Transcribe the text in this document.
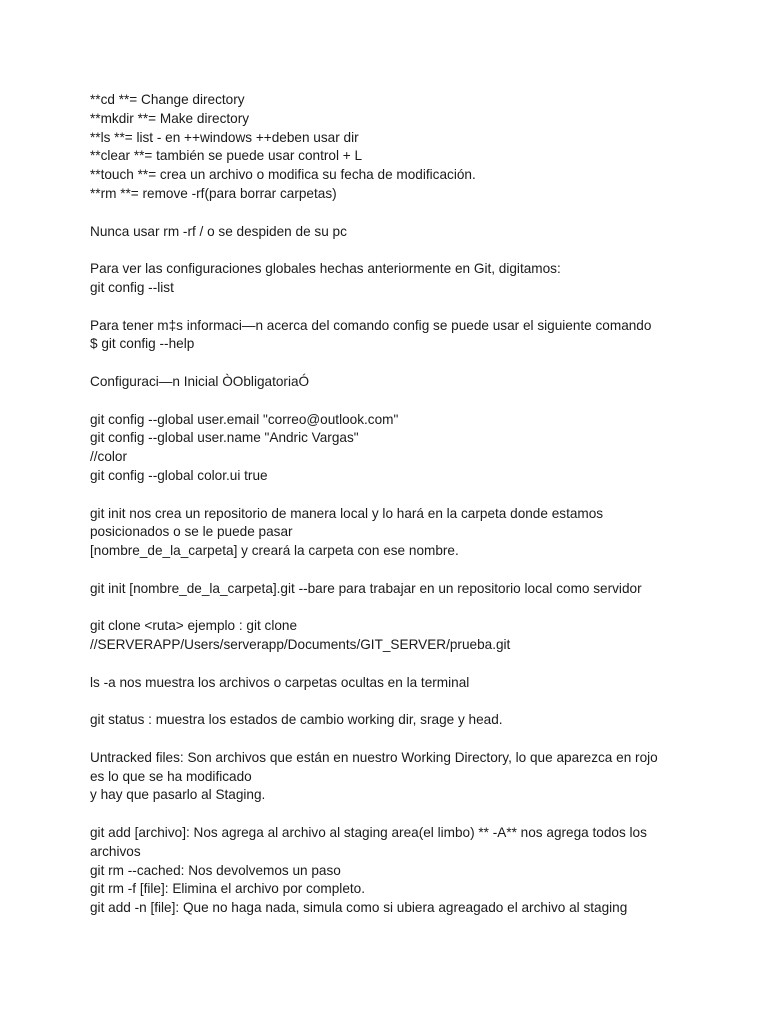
**cd **= Change directory
**mkdir **= Make directory
**ls **= list - en ++windows ++deben usar dir
**clear **= también se puede usar control + L
**touch **= crea un archivo o modifica su fecha de modificación.
**rm **= remove -rf(para borrar carpetas)
Nunca usar rm -rf / o se despiden de su pc
Para ver las configuraciones globales hechas anteriormente en Git, digitamos:
git config --list
Para tener m‡s informaci—n acerca del comando config se puede usar el siguiente comando
$ git config --help
Configuraci—n Inicial ÒObligatoriaÓ
git config --global user.email "correo@outlook.com"
git config --global user.name "Andric Vargas"
//color
git config --global color.ui true
git init nos crea un repositorio de manera local y lo hará en la carpeta donde estamos
posicionados o se le puede pasar
[nombre_de_la_carpeta] y creará la carpeta con ese nombre.
git init [nombre_de_la_carpeta].git --bare para trabajar en un repositorio local como servidor
git clone <ruta> ejemplo : git clone
//SERVERAPP/Users/serverapp/Documents/GIT_SERVER/prueba.git
ls -a nos muestra los archivos o carpetas ocultas en la terminal
git status : muestra los estados de cambio working dir, srage y head.
Untracked files: Son archivos que están en nuestro Working Directory, lo que aparezca en rojo
es lo que se ha modificado
y hay que pasarlo al Staging.
git add [archivo]: Nos agrega al archivo al staging area(el limbo) ** -A** nos agrega todos los
archivos
git rm --cached: Nos devolvemos un paso
git rm -f [file]: Elimina el archivo por completo.
git add -n [file]: Que no haga nada, simula como si ubiera agreagado el archivo al staging
